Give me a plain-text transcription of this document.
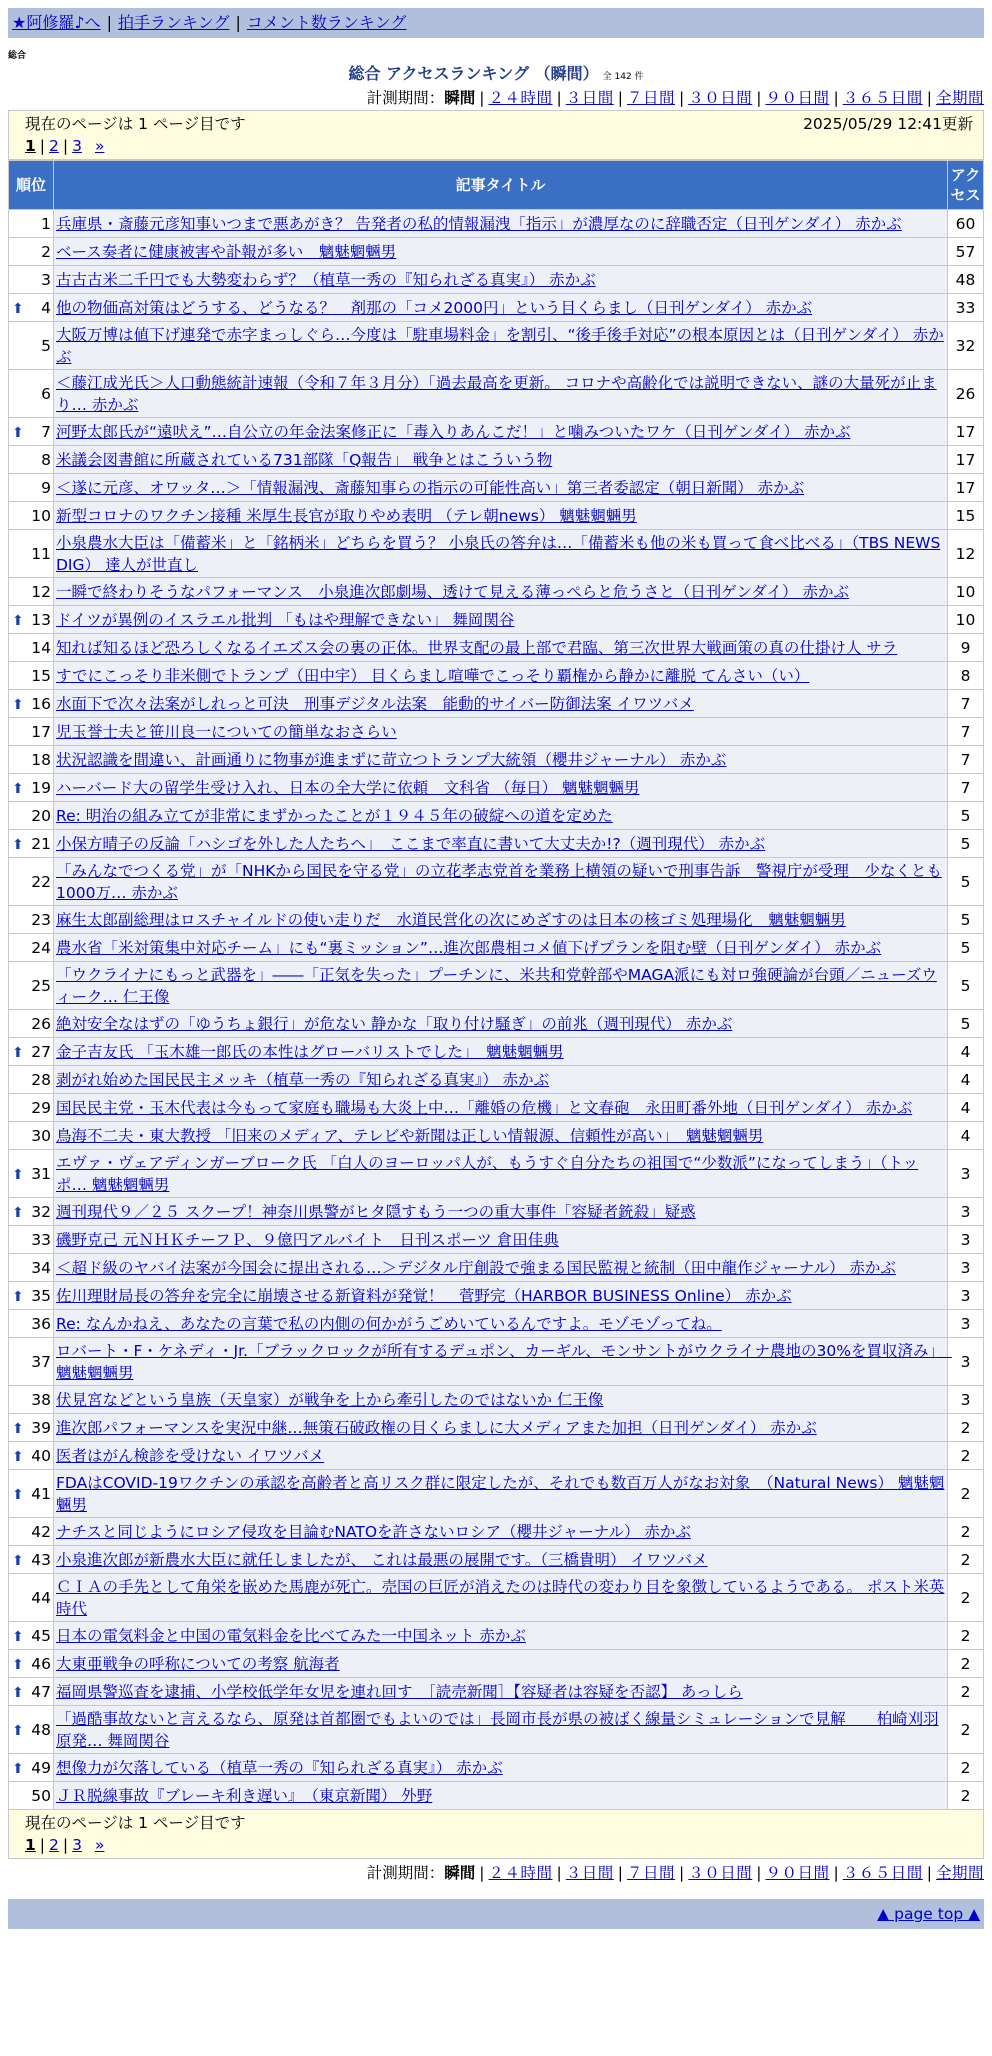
★阿修羅♪へ | 拍手ランキング | コメント数ランキング
総合
総合 アクセスランキング （瞬間） 全 142 件
計測期間：瞬間 | ２４時間 | ３日間 | ７日間 | ３０日間 | ９０日間 | ３６５日間 | 全期間
現在のページは 1 ページ目です	2025/05/29 12:41更新
1 | 2 | 3 »
順位	記事タイトル	アクセス
1	兵庫県・斎藤元彦知事いつまで悪あがき？ 告発者の私的情報漏洩「指示」が濃厚なのに辞職否定（日刊ゲンダイ） 赤かぶ	60
2	ベース奏者に健康被害や訃報が多い　魑魅魍魎男	57
3	古古古米二千円でも大勢変わらず？（植草一秀の『知られざる真実』） 赤かぶ	48

⬆ 4	他の物価高対策はどうする、どうなる？　剤那の「コメ2000円」という目くらまし（日刊ゲンダイ） 赤かぶ	33
5	大阪万博は値下げ連発で赤字まっしぐら…今度は「駐車場料金」を割引、“後手後手対応”の根本原因とは（日刊ゲンダイ） 赤かぶ	32
6	＜藤江成光氏＞人口動態統計速報（令和７年３月分）「過去最高を更新。 コロナや高齢化では説明できない、謎の大量死が止まり… 赤かぶ	26

⬆ 7	河野太郎氏が“遠吠え”…自公立の年金法案修正に「毒入りあんこだ！」と噛みついたワケ（日刊ゲンダイ） 赤かぶ	17
8	米議会図書館に所蔵されている731部隊「Q報告」 戦争とはこういう物	17
9	＜遂に元彦、オワッタ…＞「情報漏洩、斎藤知事らの指示の可能性高い」第三者委認定（朝日新聞） 赤かぶ	17
10	新型コロナのワクチン接種 米厚生長官が取りやめ表明 （テレ朝news） 魑魅魍魎男	15
11	小泉農水大臣は「備蓄米」と「銘柄米」どちらを買う？ 小泉氏の答弁は…「備蓄米も他の米も買って食べ比べる」（TBS NEWS DIG） 達人が世直し	12
12	一瞬で終わりそうなパフォーマンス　小泉進次郎劇場、透けて見える薄っぺらと危うさと（日刊ゲンダイ） 赤かぶ	10

⬆ 13	ドイツが異例のイスラエル批判 「もはや理解できない」 舞岡関谷	10
14	知れば知るほど恐ろしくなるイエズス会の裏の正体。世界支配の最上部で君臨、第三次世界大戦画策の真の仕掛け人 サラ	9
15	すでにこっそり非米側でトランプ（田中宇） 目くらまし喧嘩でこっそり覇権から静かに離脱 てんさい（い）	8

⬆ 16	水面下で次々法案がしれっと可決　刑事デジタル法案　能動的サイバー防御法案 イワツバメ	7
17	児玉誉士夫と笹川良一についての簡単なおさらい	7
18	状況認識を間違い、計画通りに物事が進まずに苛立つトランプ大統領（櫻井ジャーナル） 赤かぶ	7

⬆ 19	ハーバード大の留学生受け入れ、日本の全大学に依頼　文科省 （毎日） 魑魅魍魎男	7
20	Re: 明治の組み立てが非常にまずかったことが１９４５年の破綻への道を定めた	5

⬆ 21	小保方晴子の反論「ハシゴを外した人たちへ」　ここまで率直に書いて大丈夫か!?（週刊現代） 赤かぶ	5
22	「みんなでつくる党」が「NHKから国民を守る党」の立花孝志党首を業務上横領の疑いで刑事告訴　警視庁が受理　少なくとも1000万… 赤かぶ	5
23	麻生太郎副総理はロスチャイルドの使い走りだ　水道民営化の次にめざすのは日本の核ゴミ処理場化　魑魅魍魎男	5
24	農水省「米対策集中対応チーム」にも“裏ミッション”…進次郎農相コメ値下げプランを阻む壁（日刊ゲンダイ） 赤かぶ	5
25	「ウクライナにもっと武器を」――「正気を失った」プーチンに、米共和党幹部やMAGA派にも対ロ強硬論が台頭／ニューズウィーク… 仁王像	5
26	絶対安全なはずの「ゆうちょ銀行」が危ない 静かな「取り付け騒ぎ」の前兆（週刊現代） 赤かぶ	5

⬆ 27	金子吉友氏 「玉木雄一郎氏の本性はグローバリストでした」　魑魅魍魎男	4
28	剥がれ始めた国民民主メッキ（植草一秀の『知られざる真実』） 赤かぶ	4
29	国民民主党・玉木代表は今もって家庭も職場も大炎上中…「離婚の危機」と文春砲　永田町番外地（日刊ゲンダイ） 赤かぶ	4
30	鳥海不二夫・東大教授 「旧来のメディア、テレビや新聞は正しい情報源、信頼性が高い」　魑魅魍魎男	4

⬆ 31	エヴァ・ヴェアディンガーブローク氏 「白人のヨーロッパ人が、もうすぐ自分たちの祖国で“少数派”になってしまう」（トッポ… 魑魅魍魎男	3

⬆ 32	週刊現代９／２５ スクープ！神奈川県警がヒタ隠すもう一つの重大事件「容疑者銃殺」疑惑	3
33	磯野克己 元ＮＨＫチーフＰ、９億円アルバイト　日刊スポーツ 倉田佳典	3
34	＜超ド級のヤバイ法案が今国会に提出される…＞デジタル庁創設で強まる国民監視と統制（田中龍作ジャーナル） 赤かぶ	3

⬆ 35	佐川理財局長の答弁を完全に崩壊させる新資料が発覚！　菅野完（HARBOR BUSINESS Online） 赤かぶ	3
36	Re: なんかねえ、あなたの言葉で私の内側の何かがうごめいているんですよ。モゾモゾってね。	3
37	ロバート・F・ケネディ・Jr.「ブラックロックが所有するデュポン、カーギル、モンサントがウクライナ農地の30%を買収済み」　魑魅魍魎男	3
38	伏見宮などという皇族（天皇家）が戦争を上から牽引したのではないか 仁王像	3

⬆ 39	進次郎パフォーマンスを実況中継…無策石破政権の目くらましに大メディアまた加担（日刊ゲンダイ） 赤かぶ	2

⬆ 40	医者はがん検診を受けない イワツバメ	2

⬆ 41	FDAはCOVID-19ワクチンの承認を高齢者と高リスク群に限定したが、それでも数百万人がなお対象　（Natural News） 魑魅魍魎男	2
42	ナチスと同じようにロシア侵攻を目論むNATOを許さないロシア（櫻井ジャーナル） 赤かぶ	2

⬆ 43	小泉進次郎が新農水大臣に就任しましたが、 これは最悪の展開です。（三橋貴明） イワツバメ	2
44	ＣＩＡの手先として角栄を嵌めた馬鹿が死亡。売国の巨匠が消えたのは時代の変わり目を象徴しているようである。 ポスト米英時代	2

⬆ 45	日本の電気料金と中国の電気料金を比べてみた一中国ネット 赤かぶ	2

⬆ 46	大東亜戦争の呼称についての考察 航海者	2

⬆ 47	福岡県警巡査を逮捕、小学校低学年女児を連れ回す　［読売新聞］【容疑者は容疑を否認】 あっしら	2

⬆ 48	「過酷事故ないと言えるなら、原発は首都圏でもよいのでは」長岡市長が県の被ばく線量シミュレーションで見解　　柏崎刈羽原発… 舞岡関谷	2

⬆ 49	想像力が欠落している（植草一秀の『知られざる真実』） 赤かぶ	2
50	ＪＲ脱線事故『ブレーキ利き遅い』　（東京新聞） 外野	2
現在のページは 1 ページ目です
1 | 2 | 3 »
計測期間：瞬間 | ２４時間 | ３日間 | ７日間 | ３０日間 | ９０日間 | ３６５日間 | 全期間
▲ page top ▲
